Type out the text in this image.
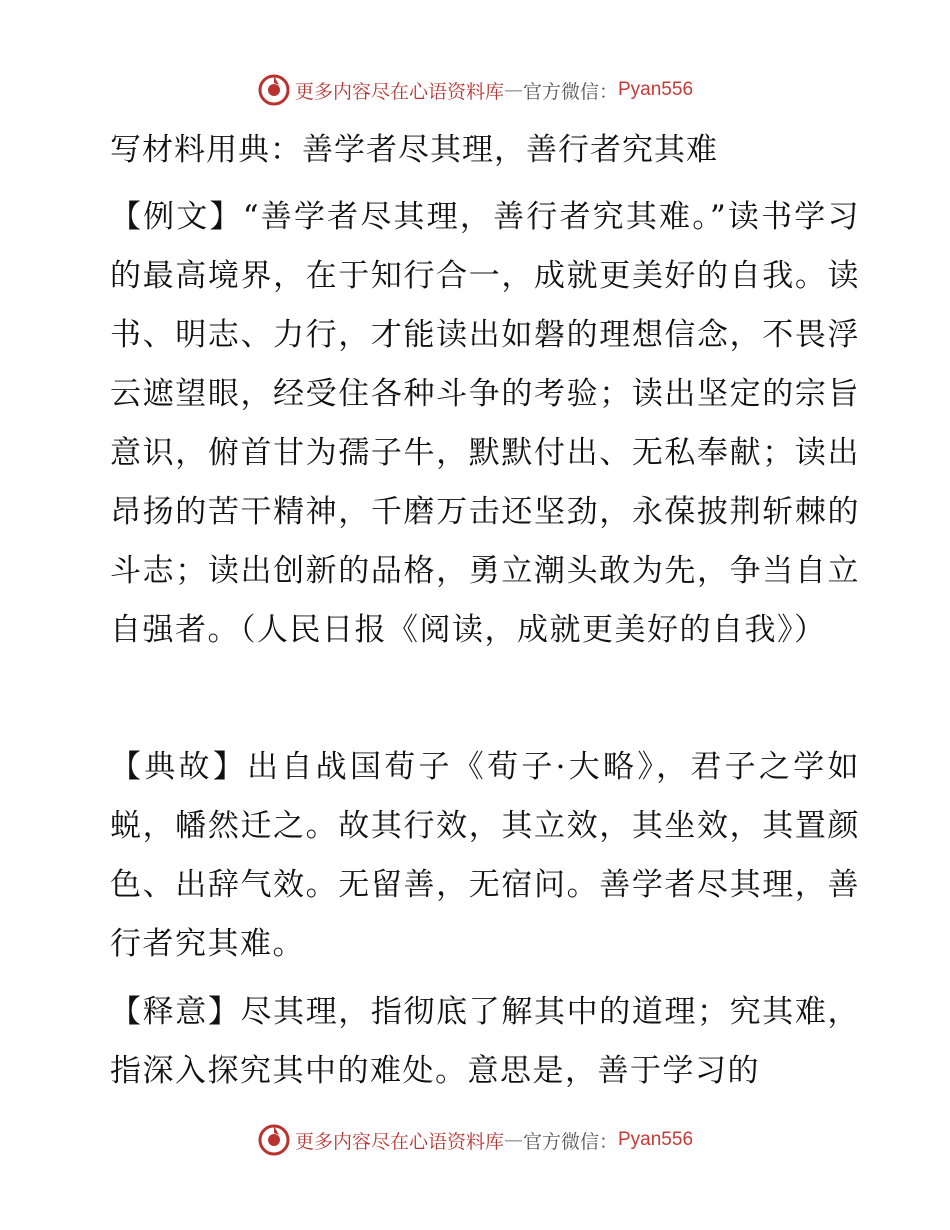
更多内容尽在心语资料库 — 官方微信： Pyan556
写材料用典：善学者尽其理，善行者究其难

【例文】“善学者尽其理，善行者究其难。”读书学习的最高境界，在于知行合一，成就更美好的自我。读书、明志、力行，才能读出如磐的理想信念，不畏浮云遮望眼，经受住各种斗争的考验；读出坚定的宗旨意识，俯首甘为孺子牛，默默付出、无私奉献；读出昂扬的苦干精神，千磨万击还坚劲，永葆披荆斩棘的斗志；读出创新的品格，勇立潮头敢为先，争当自立自强者。（人民日报《阅读，成就更美好的自我》）

【典故】出自战国荀子《荀子·大略》，君子之学如蜕，幡然迁之。故其行效，其立效，其坐效，其置颜色、出辞气效。无留善，无宿问。善学者尽其理，善行者究其难。

【释意】尽其理，指彻底了解其中的道理；究其难，指深入探究其中的难处。意思是，善于学习的

更多内容尽在心语资料库 — 官方微信： Pyan556
